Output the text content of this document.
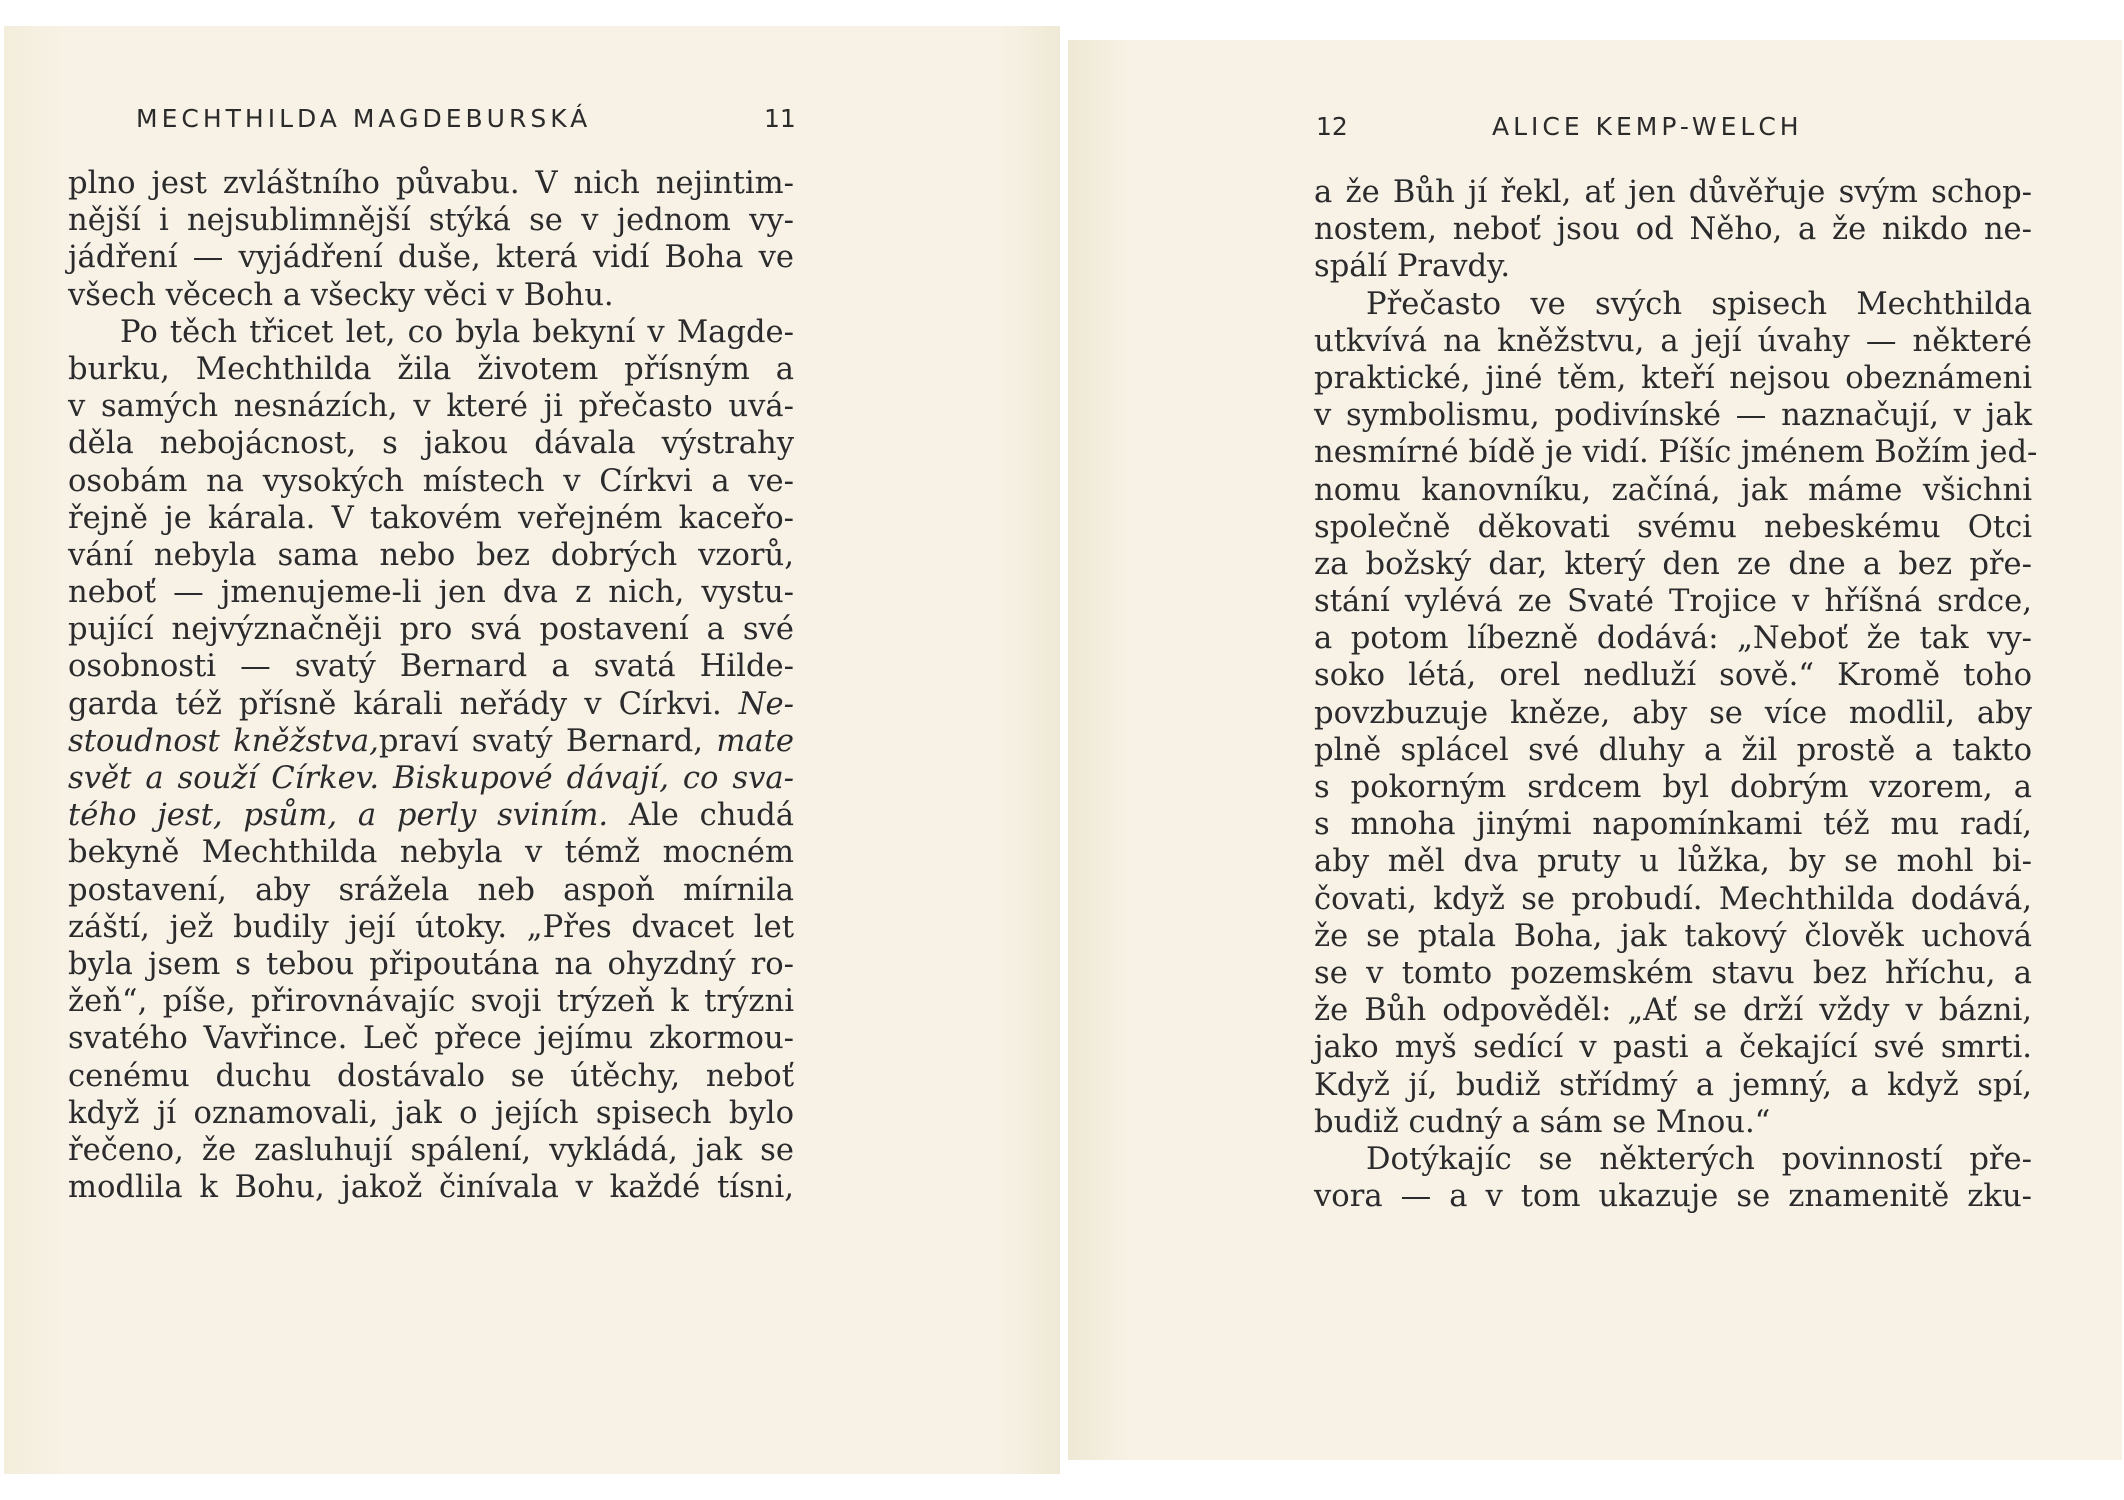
MECHTHILDA MAGDEBURSKÁ	11	12	ALICE KEMP-WELCH
plno jest zvláštního půvabu. V nich nejintim-
nější i nejsublimnější stýká se v jednom vy-
jádření — vyjádření duše, která vidí Boha ve
všech věcech a všecky věci v Bohu.
Po těch třicet let, co byla bekyní v Magde-
burku, Mechthilda žila životem přísným a
v samých nesnázích, v které ji přečasto uvá-
děla nebojácnost, s jakou dávala výstrahy
osobám na vysokých místech v Církvi a ve-
řejně je kárala. V takovém veřejném kaceřo-
vání nebyla sama nebo bez dobrých vzorů,
neboť — jmenujeme-li jen dva z nich, vystu-
pující nejvýznačněji pro svá postavení a své
osobnosti — svatý Bernard a svatá Hilde-
garda též přísně kárali neřády v Církvi. Ne-
stoudnost kněžstva,praví svatý Bernard, mate
svět a souží Církev. Biskupové dávají, co sva-
tého jest, psům, a perly sviním. Ale chudá
bekyně Mechthilda nebyla v témž mocném
postavení, aby srážela neb aspoň mírnila
záští, jež budily její útoky. „Přes dvacet let
byla jsem s tebou připoutána na ohyzdný ro-
žeň“, píše, přirovnávajíc svoji trýzeň k trýzni
svatého Vavřince. Leč přece jejímu zkormou-
cenému duchu dostávalo se útěchy, neboť
když jí oznamovali, jak o jejích spisech bylo
řečeno, že zasluhují spálení, vykládá, jak se
modlila k Bohu, jakož činívala v každé tísni,
a že Bůh jí řekl, ať jen důvěřuje svým schop-
nostem, neboť jsou od Něho, a že nikdo ne-
spálí Pravdy.
Přečasto ve svých spisech Mechthilda
utkvívá na kněžstvu, a její úvahy — některé
praktické, jiné těm, kteří nejsou obeznámeni
v symbolismu, podivínské — naznačují, v jak
nesmírné bídě je vidí. Píšíc jménem Božím jed-
nomu kanovníku, začíná, jak máme všichni
společně děkovati svému nebeskému Otci
za božský dar, který den ze dne a bez pře-
stání vylévá ze Svaté Trojice v hříšná srdce,
a potom líbezně dodává: „Neboť že tak vy-
soko létá, orel nedluží sově.“ Kromě toho
povzbuzuje kněze, aby se více modlil, aby
plně splácel své dluhy a žil prostě a takto
s pokorným srdcem byl dobrým vzorem, a
s mnoha jinými napomínkami též mu radí,
aby měl dva pruty u lůžka, by se mohl bi-
čovati, když se probudí. Mechthilda dodává,
že se ptala Boha, jak takový člověk uchová
se v tomto pozemském stavu bez hříchu, a
že Bůh odpověděl: „Ať se drží vždy v bázni,
jako myš sedící v pasti a čekající své smrti.
Když jí, budiž střídmý a jemný, a když spí,
budiž cudný a sám se Mnou.“
Dotýkajíc se některých povinností pře-
vora — a v tom ukazuje se znamenitě zku-
